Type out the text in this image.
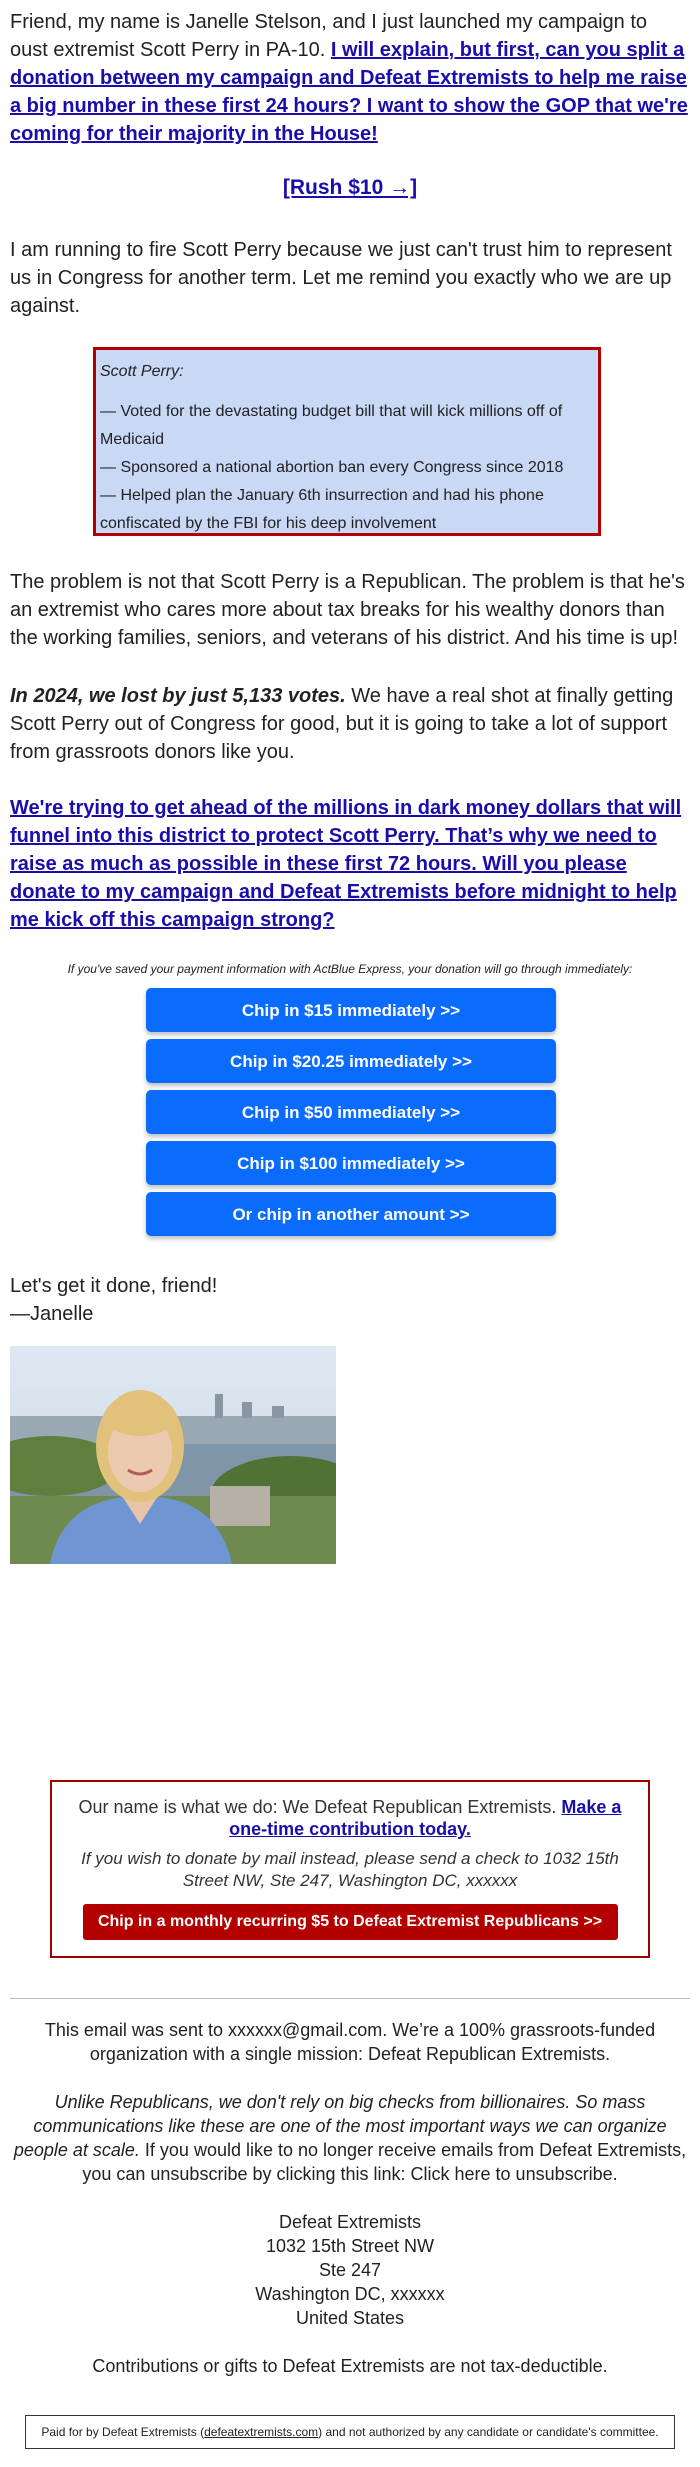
Friend, my name is Janelle Stelson, and I just launched my campaign to oust extremist Scott Perry in PA-10. I will explain, but first, can you split a donation between my campaign and Defeat Extremists to help me raise a big number in these first 24 hours? I want to show the GOP that we're coming for their majority in the House!

[Rush $10 →]

I am running to fire Scott Perry because we just can't trust him to represent us in Congress for another term. Let me remind you exactly who we are up against.

Scott Perry:
— Voted for the devastating budget bill that will kick millions off of Medicaid
— Sponsored a national abortion ban every Congress since 2018
— Helped plan the January 6th insurrection and had his phone confiscated by the FBI for his deep involvement

The problem is not that Scott Perry is a Republican. The problem is that he's an extremist who cares more about tax breaks for his wealthy donors than the working families, seniors, and veterans of his district. And his time is up!

In 2024, we lost by just 5,133 votes. We have a real shot at finally getting Scott Perry out of Congress for good, but it is going to take a lot of support from grassroots donors like you.

We're trying to get ahead of the millions in dark money dollars that will funnel into this district to protect Scott Perry. That’s why we need to raise as much as possible in these first 72 hours. Will you please donate to my campaign and Defeat Extremists before midnight to help me kick off this campaign strong?

If you've saved your payment information with ActBlue Express, your donation will go through immediately:
Chip in $15 immediately >>
Chip in $20.25 immediately >>
Chip in $50 immediately >>
Chip in $100 immediately >>
Or chip in another amount >>
Let's get it done, friend!
—Janelle
Our name is what we do: We Defeat Republican Extremists. Make a one-time contribution today.
If you wish to donate by mail instead, please send a check to 1032 15th Street NW, Ste 247, Washington DC, xxxxxx
Chip in a monthly recurring $5 to Defeat Extremist Republicans >>
This email was sent to xxxxxx@gmail.com. We’re a 100% grassroots-funded organization with a single mission: Defeat Republican Extremists.
Unlike Republicans, we don't rely on big checks from billionaires. So mass communications like these are one of the most important ways we can organize people at scale. If you would like to no longer receive emails from Defeat Extremists, you can unsubscribe by clicking this link: Click here to unsubscribe.
Defeat Extremists
1032 15th Street NW
Ste 247
Washington DC, xxxxxx
United States
Contributions or gifts to Defeat Extremists are not tax-deductible.
Paid for by Defeat Extremists (defeatextremists.com) and not authorized by any candidate or candidate's committee.
